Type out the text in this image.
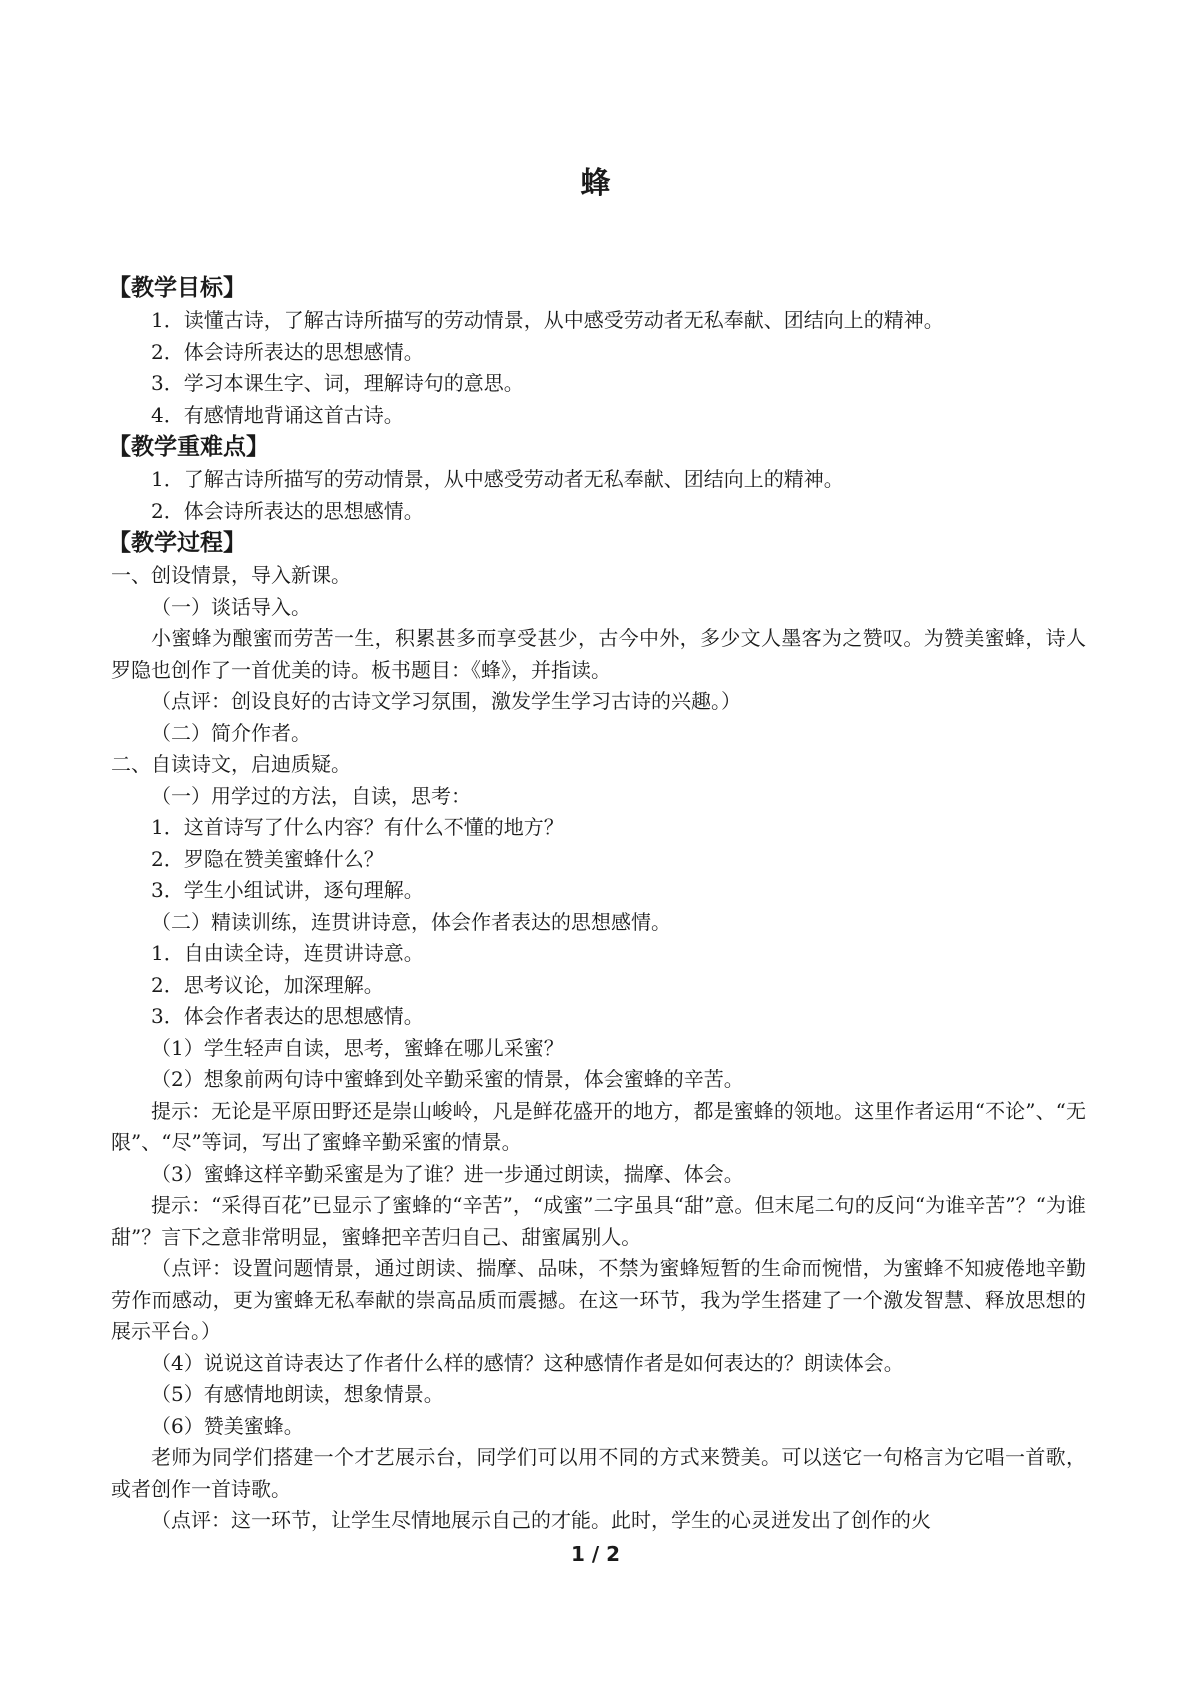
蜂
【教学目标】
1．读懂古诗，了解古诗所描写的劳动情景，从中感受劳动者无私奉献、团结向上的精神。
2．体会诗所表达的思想感情。
3．学习本课生字、词，理解诗句的意思。
4．有感情地背诵这首古诗。
【教学重难点】
1．了解古诗所描写的劳动情景，从中感受劳动者无私奉献、团结向上的精神。
2．体会诗所表达的思想感情。
【教学过程】
一、创设情景，导入新课。
（一）谈话导入。
小蜜蜂为酿蜜而劳苦一生，积累甚多而享受甚少，古今中外，多少文人墨客为之赞叹。为赞美蜜蜂，诗人罗隐也创作了一首优美的诗。板书题目：《蜂》，并指读。
（点评：创设良好的古诗文学习氛围，激发学生学习古诗的兴趣。）
（二）简介作者。
二、自读诗文，启迪质疑。
（一）用学过的方法，自读，思考：
1．这首诗写了什么内容？有什么不懂的地方？
2．罗隐在赞美蜜蜂什么？
3．学生小组试讲，逐句理解。
（二）精读训练，连贯讲诗意，体会作者表达的思想感情。
1．自由读全诗，连贯讲诗意。
2．思考议论，加深理解。
3．体会作者表达的思想感情。
（1）学生轻声自读，思考，蜜蜂在哪儿采蜜？
（2）想象前两句诗中蜜蜂到处辛勤采蜜的情景，体会蜜蜂的辛苦。
提示：无论是平原田野还是崇山峻岭，凡是鲜花盛开的地方，都是蜜蜂的领地。这里作者运用“不论”、“无限”、“尽”等词，写出了蜜蜂辛勤采蜜的情景。
（3）蜜蜂这样辛勤采蜜是为了谁？进一步通过朗读，揣摩、体会。
提示：“采得百花”已显示了蜜蜂的“辛苦”，“成蜜”二字虽具“甜”意。但末尾二句的反问“为谁辛苦”？“为谁甜”？言下之意非常明显，蜜蜂把辛苦归自己、甜蜜属别人。
（点评：设置问题情景，通过朗读、揣摩、品味，不禁为蜜蜂短暂的生命而惋惜，为蜜蜂不知疲倦地辛勤劳作而感动，更为蜜蜂无私奉献的崇高品质而震撼。在这一环节，我为学生搭建了一个激发智慧、释放思想的展示平台。）
（4）说说这首诗表达了作者什么样的感情？这种感情作者是如何表达的？朗读体会。
（5）有感情地朗读，想象情景。
（6）赞美蜜蜂。
老师为同学们搭建一个才艺展示台，同学们可以用不同的方式来赞美。可以送它一句格言为它唱一首歌，或者创作一首诗歌。
（点评：这一环节，让学生尽情地展示自己的才能。此时，学生的心灵迸发出了创作的火
1 / 2
